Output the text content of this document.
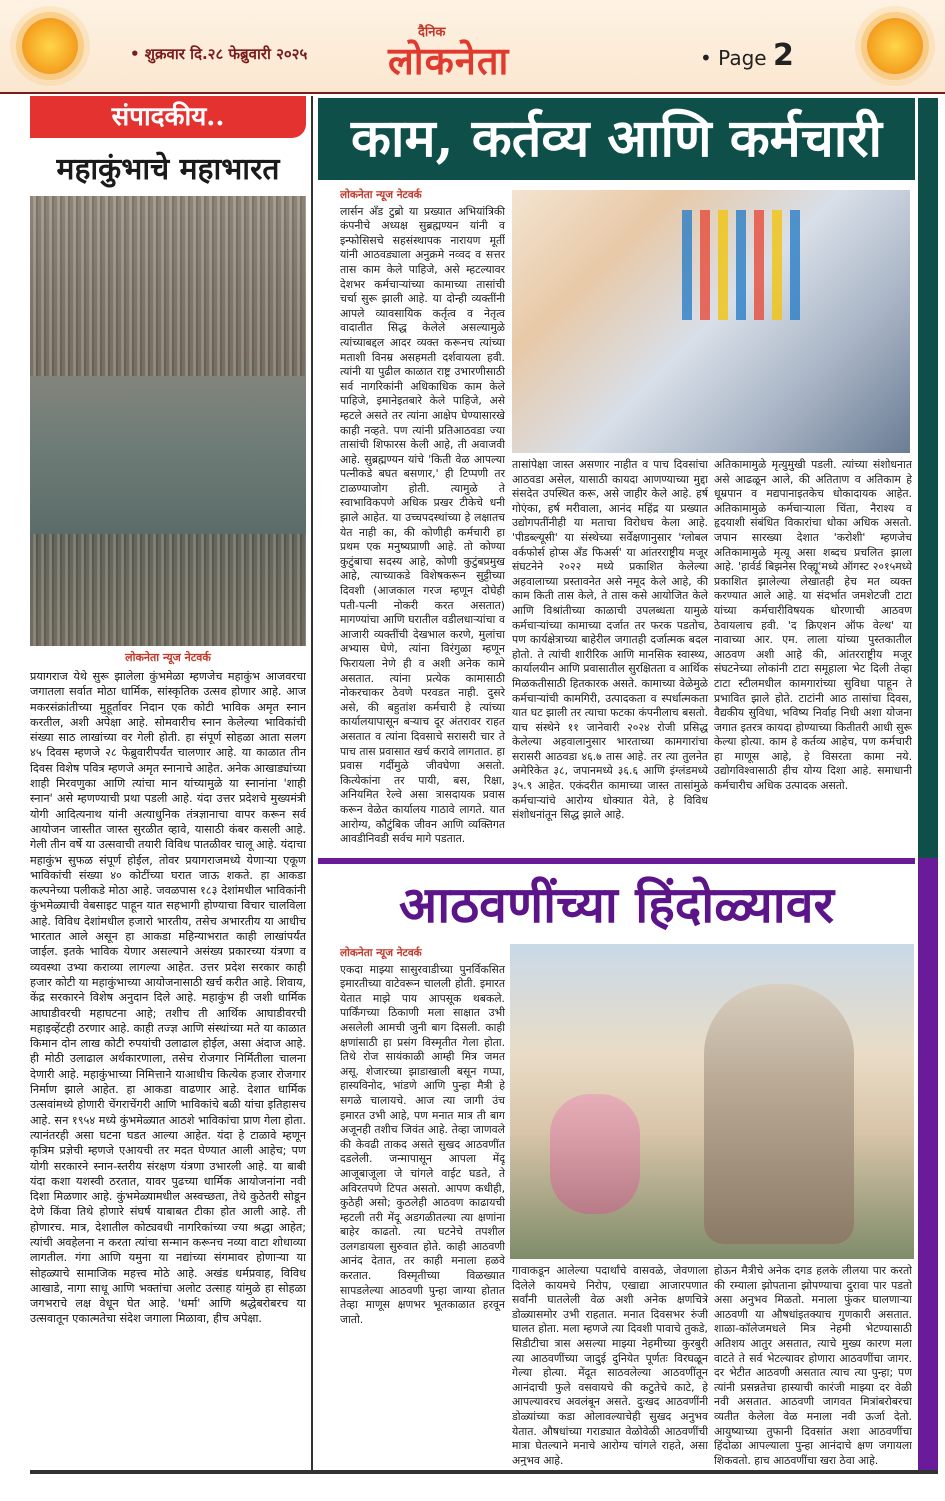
• शुक्रवार दि.२८ फेब्रुवारी २०२५
दैनिक
लोकनेता	• Page 2
संपादकीय..
महाकुंभाचे महाभारत
लोकनेता न्यूज नेटवर्क
प्रयागराज येथे सुरू झालेला कुंभमेळा म्हणजेच महाकुंभ आजवरचा जगातला सर्वात मोठा धार्मिक, सांस्कृतिक उत्सव होणार आहे. आज मकरसंक्रांतीच्या मुहूर्तावर निदान एक कोटी भाविक अमृत स्नान करतील, अशी अपेक्षा आहे. सोमवारीच स्नान केलेल्या भाविकांची संख्या साठ लाखांच्या वर गेली होती. हा संपूर्ण सोहळा आता सलग ४५ दिवस म्हणजे २८ फेब्रुवारीपर्यंत चालणार आहे. या काळात तीन दिवस विशेष पवित्र म्हणजे अमृत स्नानाचे आहेत. अनेक आखाड्यांच्या शाही मिरवणुका आणि त्यांचा मान यांच्यामुळे या स्नानांना 'शाही स्नान' असे म्हणण्याची प्रथा पडली आहे. यंदा उत्तर प्रदेशचे मुख्यमंत्री योगी आदित्यनाथ यांनी अत्याधुनिक तंत्रज्ञानाचा वापर करून सर्व आयोजन जास्तीत जास्त सुरळीत व्हावे, यासाठी कंबर कसली आहे. गेली तीन वर्षे या उत्सवाची तयारी विविध पातळीवर चालू आहे. यंदाचा महाकुंभ सुफळ संपूर्ण होईल, तोवर प्रयागराजमध्ये येणाऱ्या एकूण भाविकांची संख्या ४० कोटींच्या घरात जाऊ शकते. हा आकडा कल्पनेच्या पलीकडे मोठा आहे. जवळपास १८३ देशांमधील भाविकांनी कुंभमेळ्याची वेबसाइट पाहून यात सहभागी होण्याचा विचार चालविला आहे. विविध देशांमधील हजारो भारतीय, तसेच अभारतीय या आधीच भारतात आले असून हा आकडा महिन्याभरात काही लाखांपर्यंत जाईल. इतके भाविक येणार असल्याने असंख्य प्रकारच्या यंत्रणा व व्यवस्था उभ्या कराव्या लागल्या आहेत. उत्तर प्रदेश सरकार काही हजार कोटी या महाकुंभाच्या आयोजनासाठी खर्च करीत आहे. शिवाय, केंद्र सरकारने विशेष अनुदान दिले आहे. महाकुंभ ही जशी धार्मिक आघाडीवरची महाघटना आहे; तशीच ती आर्थिक आघाडीवरची महाइव्हेंटही ठरणार आहे. काही तज्ज्ञ आणि संस्थांच्या मते या काळात किमान दोन लाख कोटी रुपयांची उलाढाल होईल, असा अंदाज आहे. ही मोठी उलाढाल अर्थकारणाला, तसेच रोजगार निर्मितीला चालना देणारी आहे. महाकुंभाच्या निमित्ताने याआधीच कित्येक हजार रोजगार निर्माण झाले आहेत. हा आकडा वाढणार आहे. देशात धार्मिक उत्सवांमध्ये होणारी चेंगराचेंगरी आणि भाविकांचे बळी यांचा इतिहासच आहे. सन १९५४ मध्ये कुंभमेळ्यात आठशे भाविकांचा प्राण गेला होता. त्यानंतरही असा घटना घडत आल्या आहेत. यंदा हे टाळावे म्हणून कृत्रिम प्रज्ञेची म्हणजे एआयची तर मदत घेण्यात आली आहेच; पण योगी सरकारने स्नान-स्तरीय संरक्षण यंत्रणा उभारली आहे. या बाबी यंदा कशा यशस्वी ठरतात, यावर पुढच्या धार्मिक आयोजनांना नवी दिशा मिळणार आहे. कुंभमेळ्यामधील अस्वच्छता, तेथे कुठेतरी सोडून देणे किंवा तिथे होणारे संघर्ष याबाबत टीका होत आली आहे. ती होणारच. मात्र, देशातील कोट्यवधी नागरिकांच्या ज्या श्रद्धा आहेत; त्यांची अवहेलना न करता त्यांचा सन्मान करूनच नव्या वाटा शोधाव्या लागतील. गंगा आणि यमुना या नद्यांच्या संगमावर होणाऱ्या या सोहळ्याचे सामाजिक महत्त्व मोठे आहे. अखंड धर्मप्रवाह, विविध आखाडे, नागा साधू आणि भक्तांचा अलोट उत्साह यांमुळे हा सोहळा जगभराचे लक्ष वेधून घेत आहे. 'धर्मा' आणि श्रद्धेबरोबरच या उत्सवातून एकात्मतेचा संदेश जगाला मिळावा, हीच अपेक्षा.
काम, कर्तव्य आणि कर्मचारी
लोकनेता न्यूज नेटवर्क
लार्सन अँड टुब्रो या प्रख्यात अभियांत्रिकी कंपनीचे अध्यक्ष सुब्रह्मण्यन यांनी व इन्फोसिसचे सहसंस्थापक नारायण मूर्ती यांनी आठवड्याला अनुक्रमे नव्वद व सत्तर तास काम केले पाहिजे, असे म्हटल्यावर देशभर कर्मचाऱ्यांच्या कामाच्या तासांची चर्चा सुरू झाली आहे. या दोन्ही व्यक्तींनी आपले व्यावसायिक कर्तृत्व व नेतृत्व वादातीत सिद्ध केलेले असल्यामुळे त्यांच्याबद्दल आदर व्यक्त करूनच त्यांच्या मताशी विनम्र असहमती दर्शवायला हवी. त्यांनी या पुढील काळात राष्ट्र उभारणीसाठी सर्व नागरिकांनी अधिकाधिक काम केले पाहिजे, इमानेइतबारे केले पाहिजे, असे म्हटले असते तर त्यांना आक्षेप घेण्यासारखे काही नव्हते. पण त्यांनी प्रतिआठवडा ज्या तासांची शिफारस केली आहे, ती अवाजवी आहे. सुब्रह्मण्यन यांचे 'किती वेळ आपल्या पत्नीकडे बघत बसणार,' ही टिप्पणी तर टाळण्याजोग होती. त्यामुळे ते स्वाभाविकपणे अधिक प्रखर टीकेचे धनी झाले आहेत. या उच्चपदस्थांच्या हे लक्षातच येत नाही का, की कोणीही कर्मचारी हा प्रथम एक मनुष्यप्राणी आहे. तो कोण्या कुटुंबाचा सदस्य आहे, कोणी कुटुंबप्रमुख आहे, त्याच्याकडे विशेषकरून सुट्टीच्या दिवशी (आजकाल गरज म्हणून दोघेही पती-पत्नी नोकरी करत असतात) मागण्यांचा आणि घरातील वडीलधाऱ्यांचा व आजारी व्यक्तींची देखभाल करणे, मुलांचा अभ्यास घेणे, त्यांना विरंगुळा म्हणून फिरायला नेणे ही व अशी अनेक कामे असतात. त्यांना प्रत्येक कामासाठी नोकरचाकर ठेवणे परवडत नाही. दुसरे असे, की बहुतांश कर्मचारी हे त्यांच्या कार्यालयापासून बऱ्याच दूर अंतरावर राहत असतात व त्यांना दिवसाचे सरासरी चार ते पाच तास प्रवासात खर्च करावे लागतात. हा प्रवास गर्दीमुळे जीवघेणा असतो. कित्येकांना तर पायी, बस, रिक्षा, अनियमित रेल्वे असा त्रासदायक प्रवास करून वेळेत कार्यालय गाठावे लागते. यात आरोग्य, कौटुंबिक जीवन आणि व्यक्तिगत आवडीनिवडी सर्वच मागे पडतात.
तासांपेक्षा जास्त असणार नाहीत व पाच दिवसांचा आठवडा असेल, यासाठी कायदा आणण्याच्या मुद्दा संसदेत उपस्थित करू, असे जाहीर केले आहे. हर्ष गोएंका, हर्ष मरीवाला, आनंद महिंद्र या प्रख्यात उद्योगपतींनीही या मताचा विरोधच केला आहे. 'पीडब्ल्यूसी' या संस्थेच्या सर्वेक्षणानुसार 'ग्लोबल वर्कफोर्स होप्स अँड फिअर्स' या आंतरराष्ट्रीय मजूर संघटनेने २०२२ मध्ये प्रकाशित केलेल्या अहवालाच्या प्रस्तावनेत असे नमूद केले आहे, की काम किती तास केले, ते तास कसे आयोजित केले आणि विश्रांतीच्या काळाची उपलब्धता यामुळे कर्मचाऱ्यांच्या कामाच्या दर्जात तर फरक पडतोच, पण कार्यक्षेत्राच्या बाहेरील जगातही दर्जात्मक बदल होतो. ते त्यांची शारीरिक आणि मानसिक स्वास्थ्य, कार्यालयीन आणि प्रवासातील सुरक्षितता व आर्थिक मिळकतीसाठी हितकारक असते. कामाच्या वेळेमुळे कर्मचाऱ्यांची कामगिरी, उत्पादकता व स्पर्धात्मकता यात घट झाली तर त्याचा फटका कंपनीलाच बसतो. याच संस्थेने ११ जानेवारी २०२४ रोजी प्रसिद्ध केलेल्या अहवालानुसार भारताच्या कामगारांचा सरासरी आठवडा ४६.७ तास आहे. तर त्या तुलनेत अमेरिकेत ३८, जपानमध्ये ३६.६ आणि इंग्लंडमध्ये ३५.९ आहेत. एकंदरीत कामाच्या जास्त तासांमुळे कर्मचाऱ्यांचे आरोग्य धोक्यात येते, हे विविध संशोधनांतून सिद्ध झाले आहे.
अतिकामामुळे मृत्युमुखी पडली. त्यांच्या संशोधनात असे आढळून आले, की अतिताण व अतिकाम हे धूम्रपान व मद्यपानाइतकेच धोकादायक आहेत. अतिकामामुळे कर्मचाऱ्याला चिंता, नैराश्य व हृदयाशी संबंधित विकारांचा धोका अधिक असतो. जपान सारख्या देशात 'करोशी' म्हणजेच अतिकामामुळे मृत्यू असा शब्दच प्रचलित झाला आहे. 'हार्वर्ड बिझनेस रिव्ह्यू'मध्ये ऑगस्ट २०१५मध्ये प्रकाशित झालेल्या लेखातही हेच मत व्यक्त करण्यात आले आहे. या संदर्भात जमशेटजी टाटा यांच्या कर्मचारीविषयक धोरणाची आठवण ठेवायलाच हवी. 'द क्रिएशन ऑफ वेल्थ' या नावाच्या आर. एम. लाला यांच्या पुस्तकातील आठवण अशी आहे की, आंतरराष्ट्रीय मजूर संघटनेच्या लोकांनी टाटा समूहाला भेट दिली तेव्हा टाटा स्टीलमधील कामगारांच्या सुविधा पाहून ते प्रभावित झाले होते. टाटांनी आठ तासांचा दिवस, वैद्यकीय सुविधा, भविष्य निर्वाह निधी अशा योजना जगात इतरत्र कायदा होण्याच्या कितीतरी आधी सुरू केल्या होत्या. काम हे कर्तव्य आहेच, पण कर्मचारी हा माणूस आहे, हे विसरता कामा नये. उद्योगविश्वासाठी हीच योग्य दिशा आहे. समाधानी कर्मचारीच अधिक उत्पादक असतो.
आठवणींच्या हिंदोळ्यावर
लोकनेता न्यूज नेटवर्क
एकदा माझ्या सासुरवाडीच्या पुनर्विकसित इमारतीच्या वाटेवरून चालली होती. इमारत येतात माझे पाय आपसूक थबकले. पार्किंगच्या ठिकाणी मला साक्षात उभी असलेली आमची जुनी बाग दिसली. काही क्षणांसाठी हा प्रसंग विस्मृतीत गेला होता. तिथे रोज सायंकाळी आम्ही मित्र जमत असू. शेजारच्या झाडाखाली बसून गप्पा, हास्यविनोद, भांडणे आणि पुन्हा मैत्री हे सगळे चालायचे. आज त्या जागी उंच इमारत उभी आहे, पण मनात मात्र ती बाग अजूनही तशीच जिवंत आहे. तेव्हा जाणवले की केवढी ताकद असते सुखद आठवणींत दडलेली. जन्मापासून आपला मेंदू आजूबाजूला जे चांगले वाईट घडते, ते अविरतपणे टिपत असतो. आपण कधीही, कुठेही असो; कुठलेही आठवण काढायची म्हटली तरी मेंदू अडगळीतल्या त्या क्षणांना बाहेर काढतो. त्या घटनेचे तपशील उलगडायला सुरुवात होते. काही आठवणी आनंद देतात, तर काही मनाला हळवे करतात. विस्मृतीच्या विळख्यात सापडलेल्या आठवणी पुन्हा जाग्या होतात तेव्हा माणूस क्षणभर भूतकाळात हरवून जातो.
गावाकडून आलेल्या पदार्थांचे वासवळे, जेवणाला दिलेले कायमचे निरोप, एखाद्या आजारपणात सर्वांनी घातलेली वेळ अशी अनेक क्षणचित्रे डोळ्यासमोर उभी राहतात. मनात दिवसभर रुंजी घालत होता. मला म्हणजे त्या दिवशी पावाचे तुकडे, सिडीटीचा त्रास असल्या माझ्या नेहमीच्या कुरबुरी त्या आठवणींच्या जादुई दुनियेत पूर्णतः विरघळून गेल्या होत्या. मेंदूत साठवलेल्या आठवणींतून आनंदाची फुले वसवायचे की कटुतेचे काटे, हे आपल्यावरच अवलंबून असते. दुःखद आठवणींनी डोळ्यांच्या कडा ओलावल्याचेही सुखद अनुभव येतात. औषधांच्या गराड्यात वेळोवेळी आठवणींची मात्रा घेतल्याने मनाचे आरोग्य चांगले राहते, असा अनुभव आहे.
होऊन मैत्रीचे अनेक दगड हलके लीलया पार करतो की रम्याला झोपताना झोपण्याचा दुरावा पार पडतो असा अनुभव मिळतो. मनाला फुंकर घालणाऱ्या आठवणी या औषधांइतक्याच गुणकारी असतात. शाळा-कॉलेजमधले मित्र नेहमी भेटण्यासाठी अतिशय आतुर असतात, त्याचे मुख्य कारण मला वाटते ते सर्व भेटल्यावर होणारा आठवणींचा जागर. दर भेटीत आठवणी असतात त्याच त्या पुन्हा; पण त्यांनी प्रसन्नतेचा हास्याची कारंजी माझ्या दर वेळी नवी असतात. आठवणी जागवत मित्रांबरोबरचा व्यतीत केलेला वेळ मनाला नवी ऊर्जा देतो. आयुष्याच्या तुफानी दिवसांत अशा आठवणींचा हिंदोळा आपल्याला पुन्हा आनंदाचे क्षण जगायला शिकवतो. हाच आठवणींचा खरा ठेवा आहे.
